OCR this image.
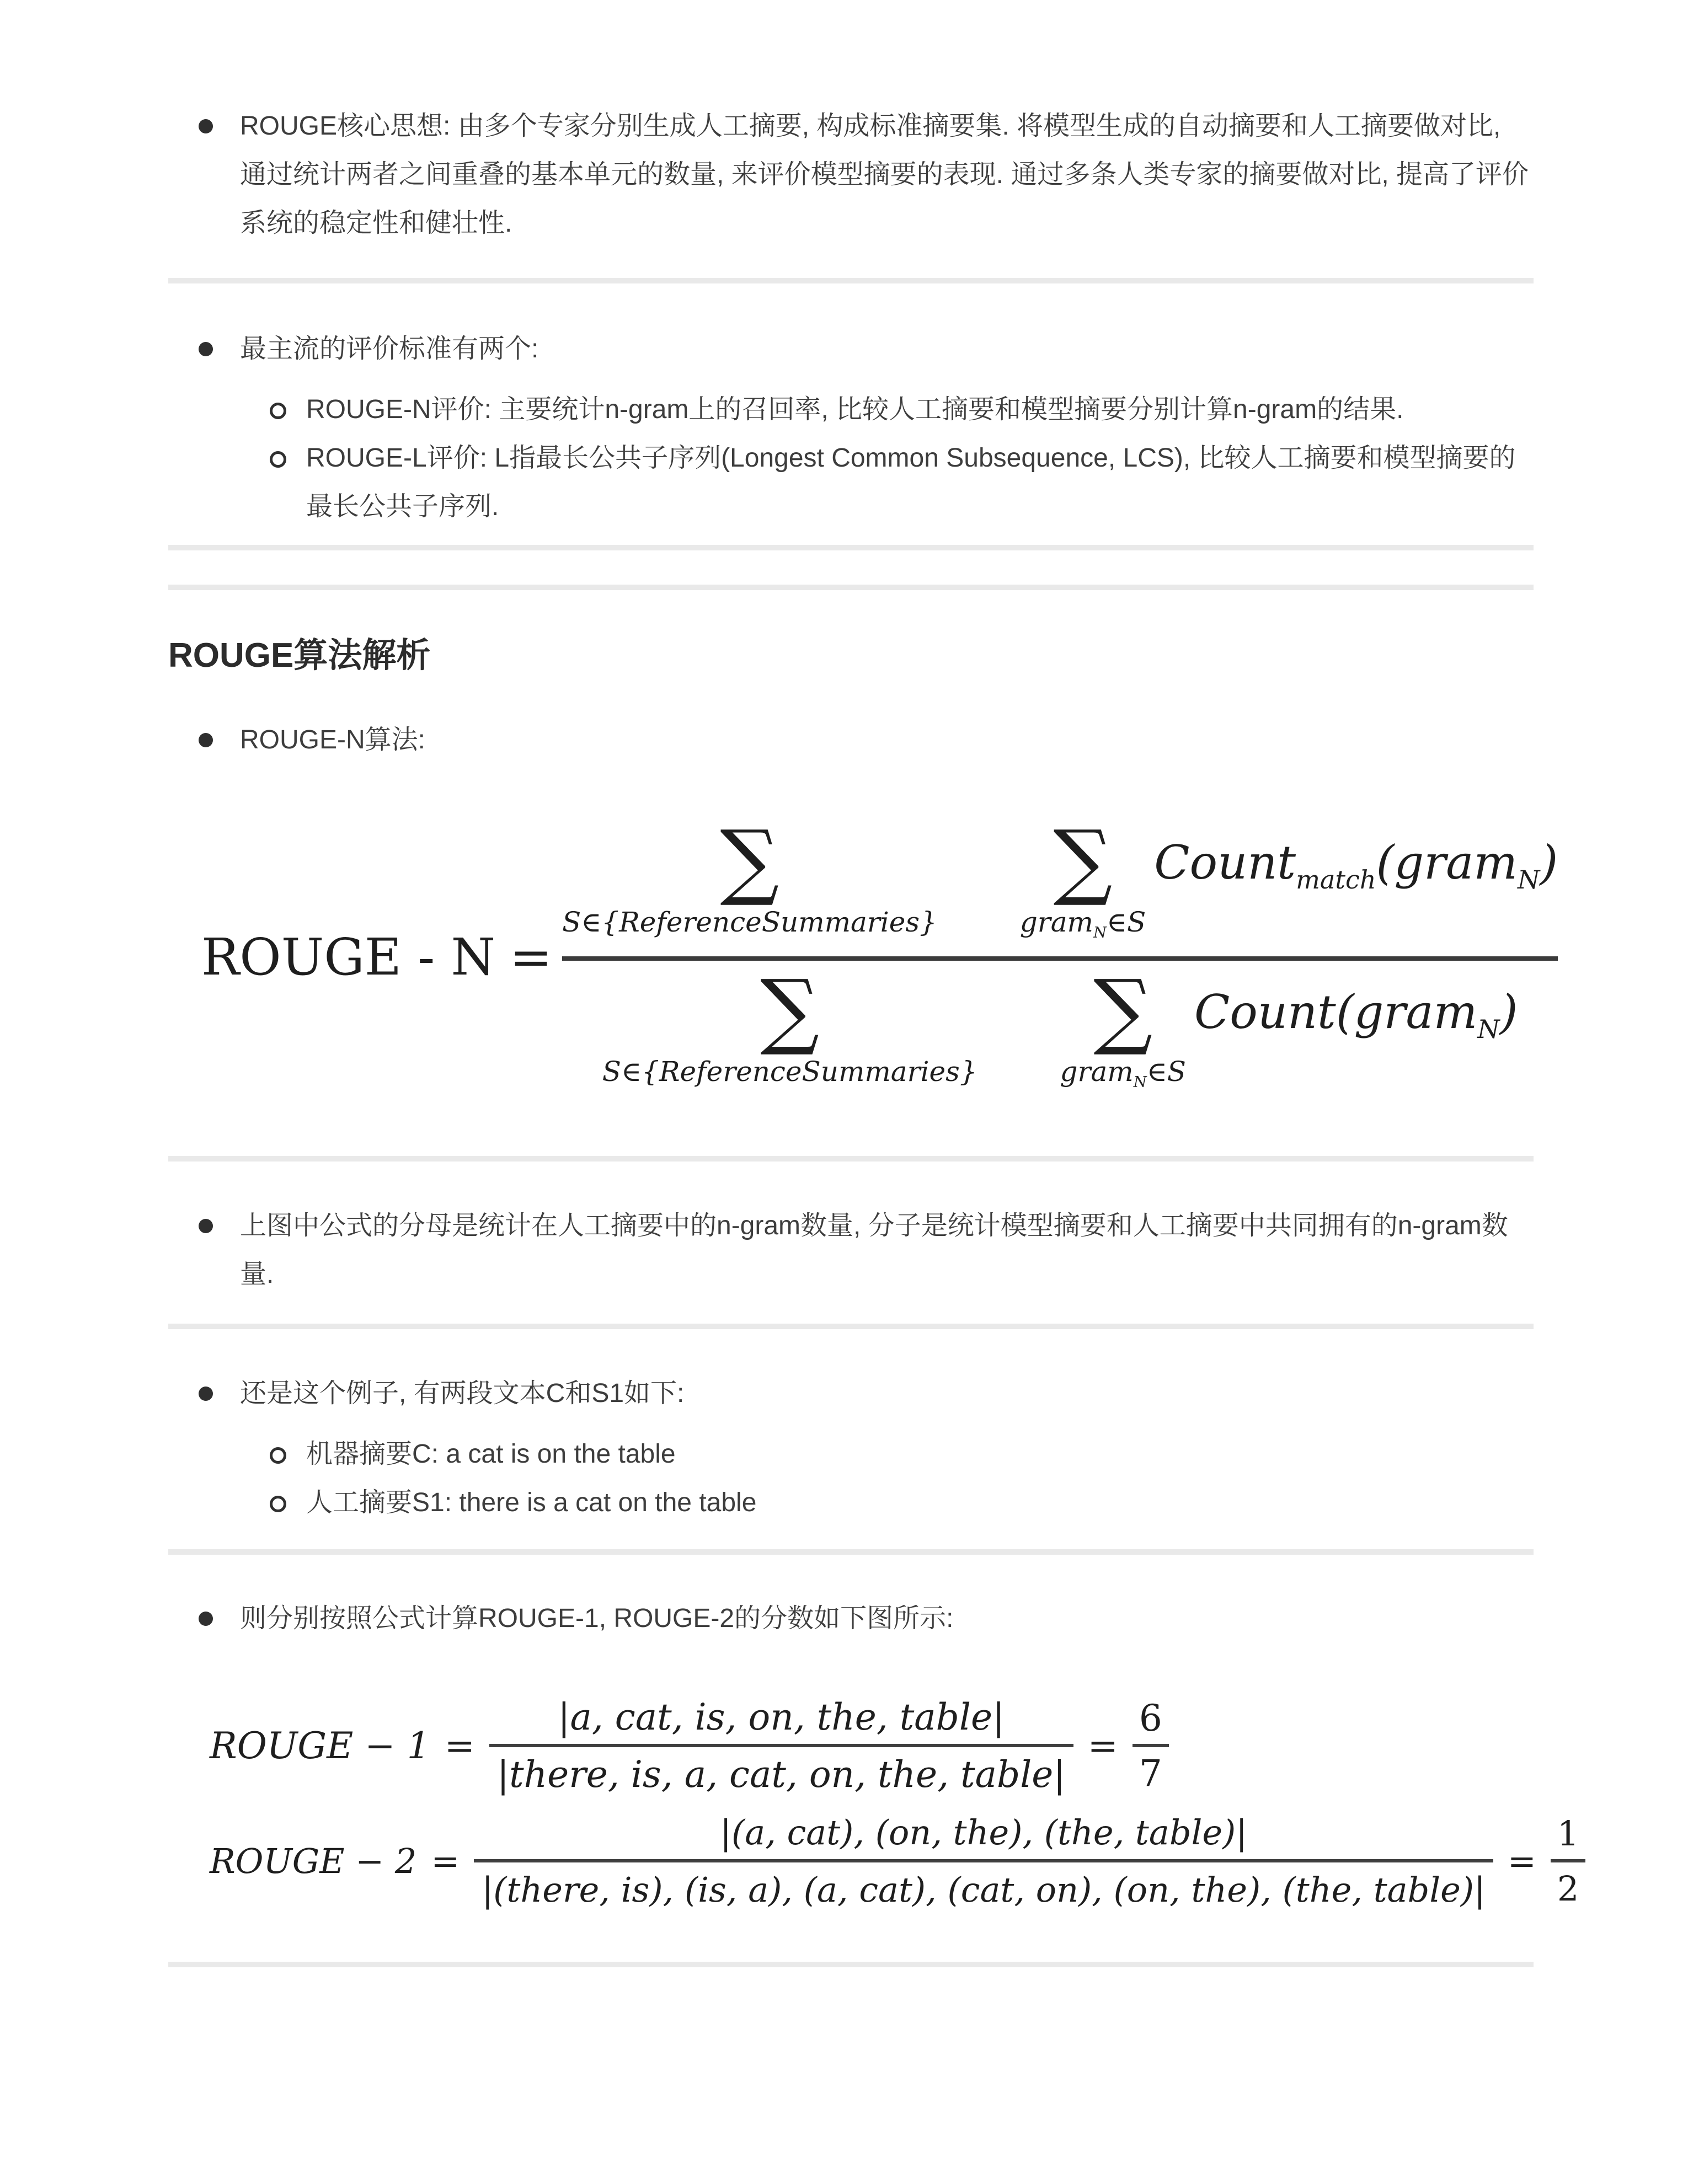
ROUGE核心思想: 由多个专家分别生成人工摘要, 构成标准摘要集. 将模型生成的自动摘要和人工摘要做对比, 通过统计两者之间重叠的基本单元的数量, 来评价模型摘要的表现. 通过多条人类专家的摘要做对比, 提高了评价系统的稳定性和健壮性.
最主流的评价标准有两个:
ROUGE-N评价: 主要统计n-gram上的召回率, 比较人工摘要和模型摘要分别计算n-gram的结果.
ROUGE-L评价: L指最长公共子序列(Longest Common Subsequence, LCS), 比较人工摘要和模型摘要的最长公共子序列.
ROUGE算法解析
ROUGE-N算法:
ROUGE - N =
∑
S∈{ReferenceSummaries}
∑
gram$_N$∈S
Count$_{match}$(gram$_N$)
∑
S∈{ReferenceSummaries}
∑
gram$_N$∈S
Count(gram$_N$)
上图中公式的分母是统计在人工摘要中的n-gram数量, 分子是统计模型摘要和人工摘要中共同拥有的n-gram数量.
还是这个例子, 有两段文本C和S1如下:
机器摘要C: a cat is on the table
人工摘要S1: there is a cat on the table
则分别按照公式计算ROUGE-1, ROUGE-2的分数如下图所示:
ROUGE − $1 = \frac{\text{|a, cat, is, on, the, table|}}{\text{|there, is, a, cat, on, the, table|}} = \frac{6}{7}$
ROUGE − 2 =
|(a, cat), (on, the), (the, table)|
|(there, is), (is, a), (a, cat), (cat, on), (on, the), (the, table)|
= $\frac{1}{2}$
